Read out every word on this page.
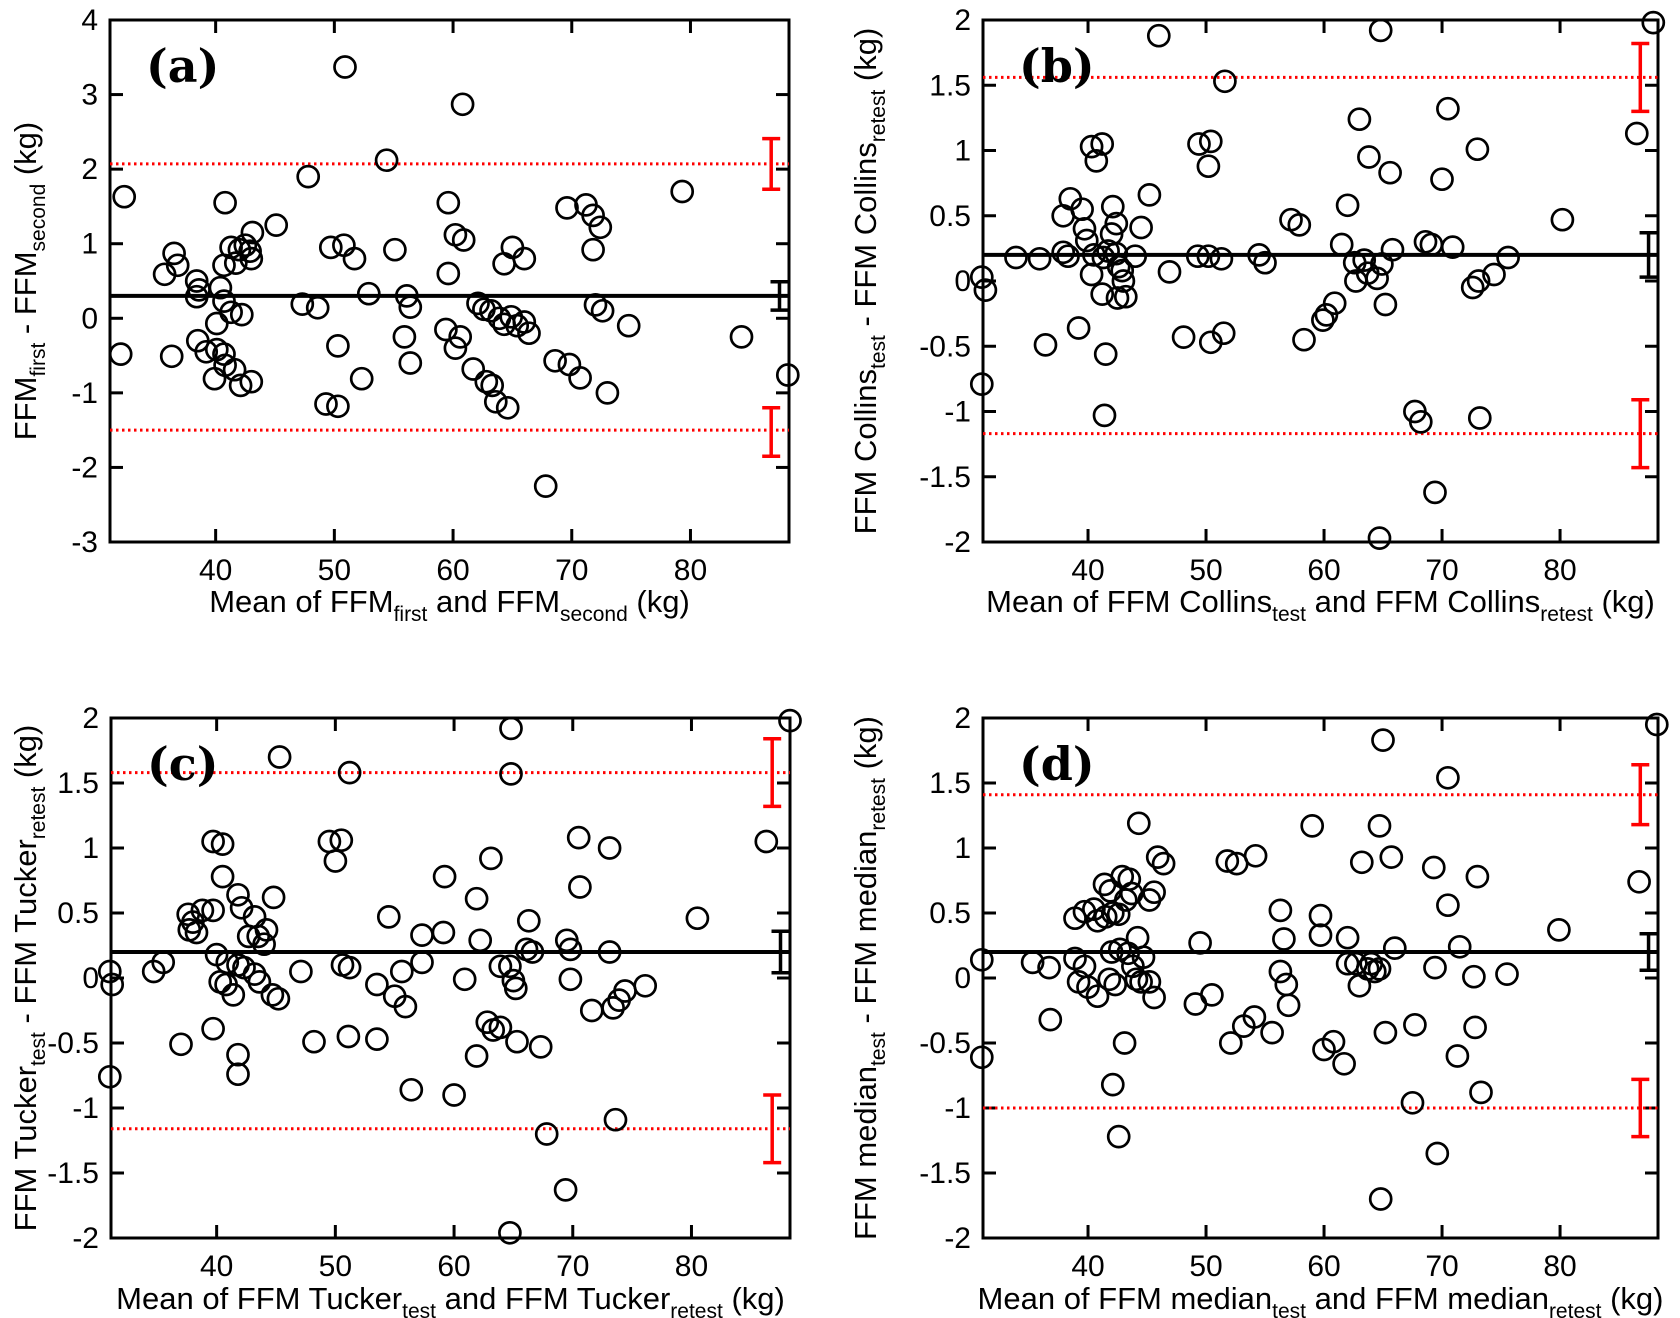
40	50	60	70	80
-3
-2
-1
0
1
2
3
4
(a)
Mean of $FFM_{first}$ and $FFM_{second}$ (kg)
$FFM_{first} - FFM_{second}$ (kg)
40	50	60	70	80
-2
-1.5
-1
-0.5
0
0.5
1
1.5
2
(b)
Mean of FFM Collins$_{test}$ and FFM Collins$_{retest}$ (kg)
FFM Collins$_{test}$ - FFM Collins$_{retest}$ (kg)
40	50	60	70	80
-2
-1.5
-1
-0.5
0
0.5
1
1.5
2
(c)
Mean of FFM Tucker$_{test}$ and FFM Tucker$_{retest}$ (kg)
FFM Tucker$_{test}$ - FFM Tucker$_{retest}$ (kg)
40	50	60	70	80
-2
-1.5
-1
-0.5
0
0.5
1
1.5
2
(d)
Mean of FFM median$_{test}$ and FFM median$_{retest}$ (kg)
FFM median$_{test}$ - FFM median$_{retest}$ (kg)
